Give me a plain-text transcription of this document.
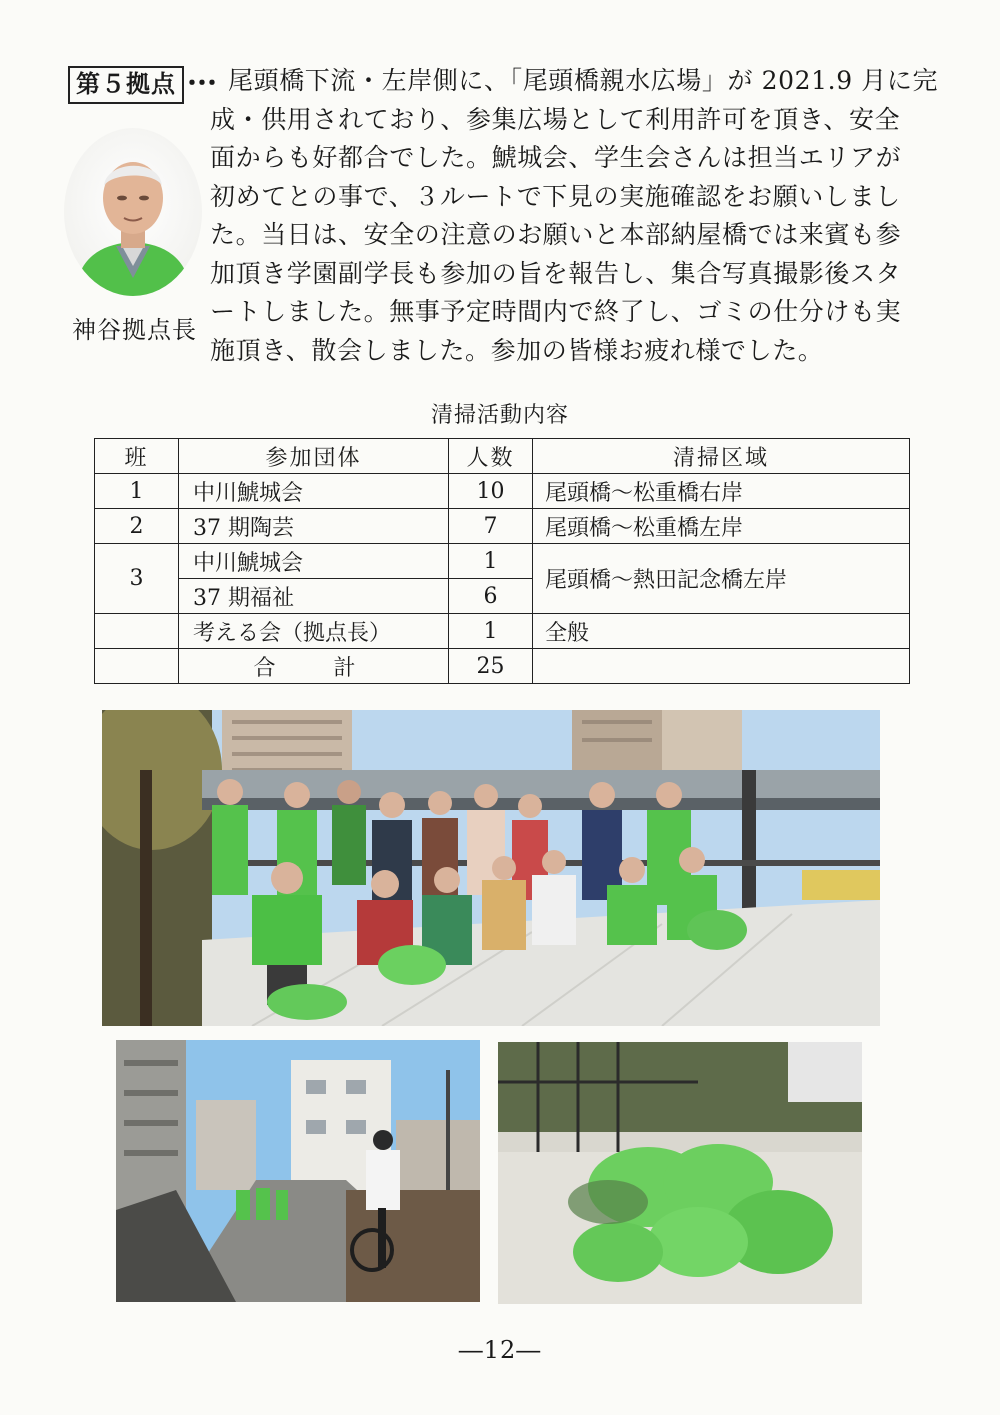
第５拠点 ･･･ 尾頭橋下流・左岸側に、「尾頭橋親水広場」が 2021.9 月に完
成・供用されており、参集広場として利用許可を頂き、安全
面からも好都合でした。鯱城会、学生会さんは担当エリアが
初めてとの事で、３ルートで下見の実施確認をお願いしまし
た。当日は、安全の注意のお願いと本部納屋橋では来賓も参
加頂き学園副学長も参加の旨を報告し、集合写真撮影後スタ
ートしました。無事予定時間内で終了し、ゴミの仕分けも実
施頂き、散会しました。参加の皆様お疲れ様でした。
神谷拠点長
清掃活動内容
班	参加団体	人数	清掃区域
1	中川鯱城会	10	尾頭橋～松重橋右岸
2	37 期陶芸	7	尾頭橋～松重橋左岸
3	中川鯱城会	1	尾頭橋～熱田記念橋左岸
	37 期福祉	6	
	考える会（拠点長）	1	全般
	合　計	25	
―12―
